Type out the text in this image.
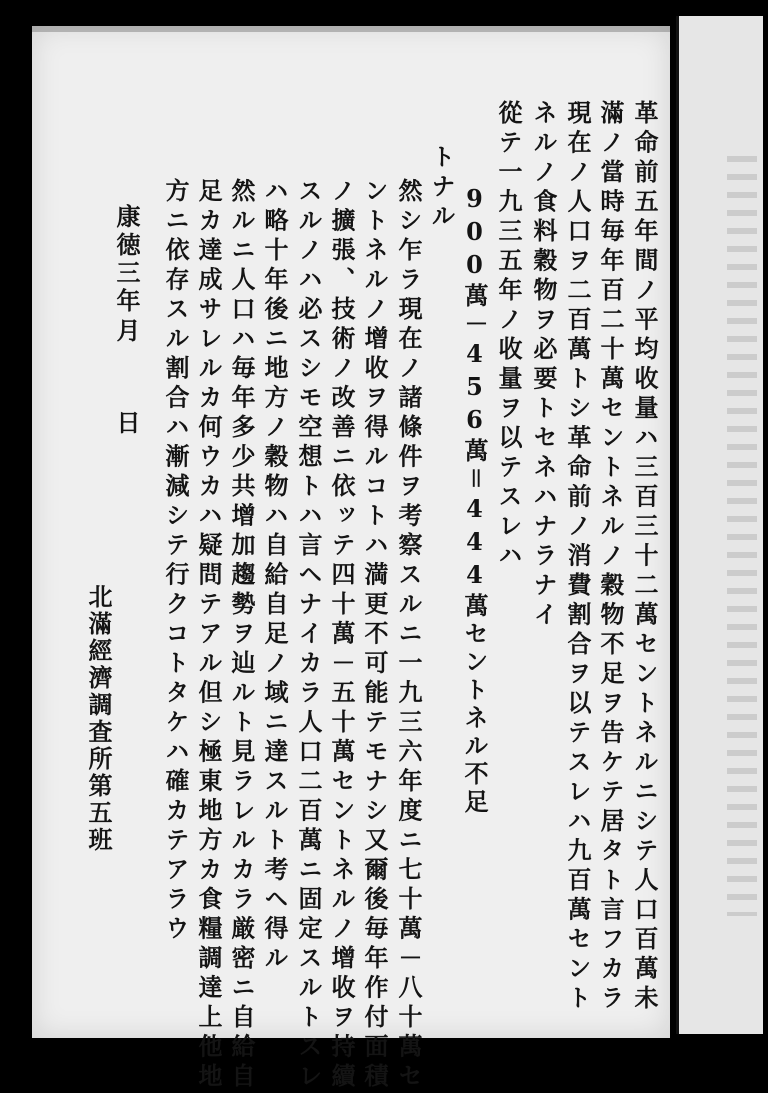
革命前五年間ノ平均收量ハ三百三十二萬セントネルニシテ人口百萬未
滿ノ當時毎年百二十萬セントネルノ穀物不足ヲ告ケテ居タト言フカラ
現在ノ人口ヲ二百萬トシ革命前ノ消費割合ヲ以テスレハ九百萬セント
ネルノ食料穀物ヲ必要トセネハナラナイ
從テ一九三五年ノ收量ヲ以テスレハ
900萬－456萬＝444萬セントネル不足
トナル
然シ乍ラ現在ノ諸條件ヲ考察スルニ一九三六年度ニ七十萬－八十萬セ
ントネルノ增收ヲ得ルコトハ満更不可能テモナシ又爾後毎年作付面積
ノ擴張、技術ノ改善ニ依ッテ四十萬－五十萬セントネルノ增收ヲ持續
スルノハ必スシモ空想トハ言ヘナイカラ人口二百萬ニ固定スルトスレ
ハ略十年後ニ地方ノ穀物ハ自給自足ノ域ニ達スルト考ヘ得ル
然ルニ人口ハ毎年多少共增加趨勢ヲ辿ルト見ラレルカラ厳密ニ自給自
足カ達成サレルカ何ウカハ疑問テアル但シ極東地方カ食糧調達上他地
方ニ依存スル割合ハ漸減シテ行クコトタケハ確カテアラウ
康徳三年
月
日
北滿經濟調査所第五班
